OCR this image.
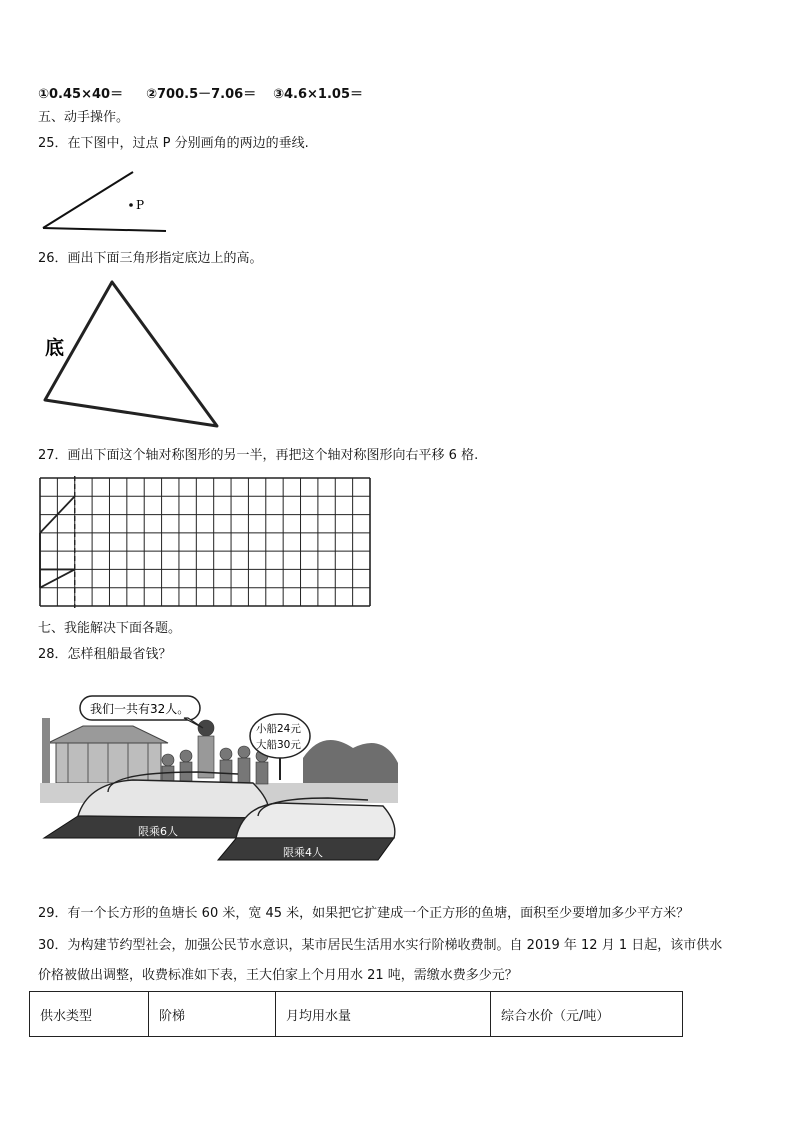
①0.45×40＝ ②700.5－7.06＝ ③4.6×1.05＝
五、动手操作。
25．在下图中，过点 P 分别画角的两边的垂线.
P
26．画出下面三角形指定底边上的高。
底
27．画出下面这个轴对称图形的另一半，再把这个轴对称图形向右平移 6 格.
七、我能解决下面各题。
28．怎样租船最省钱？
我们一共有32人。
小船24元
大船30元
限乘6人
限乘4人
29．有一个长方形的鱼塘长 60 米，宽 45 米，如果把它扩建成一个正方形的鱼塘，面积至少要增加多少平方米？
30．为构建节约型社会，加强公民节水意识，某市居民生活用水实行阶梯收费制。自 2019 年 12 月 1 日起，该市供水
价格被做出调整，收费标准如下表，王大伯家上个月用水 21 吨，需缴水费多少元？
供水类型	阶梯	月均用水量	综合水价（元/吨）
